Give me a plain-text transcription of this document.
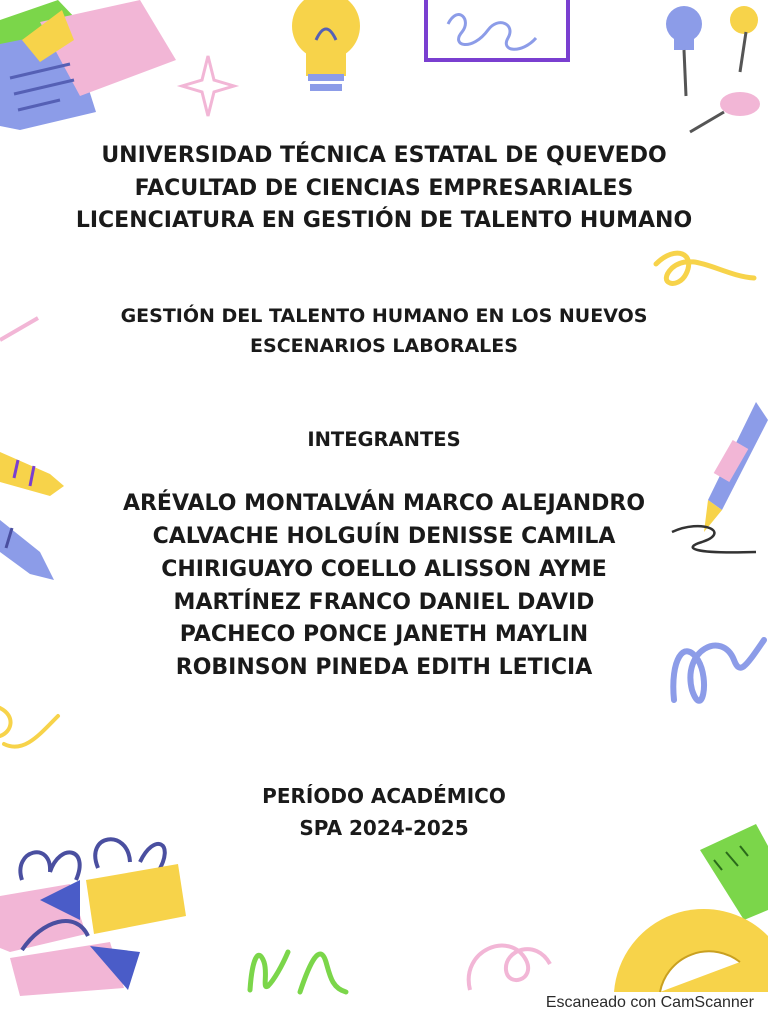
UNIVERSIDAD TÉCNICA ESTATAL DE QUEVEDO
FACULTAD DE CIENCIAS EMPRESARIALES
LICENCIATURA EN GESTIÓN DE TALENTO HUMANO
GESTIÓN DEL TALENTO HUMANO EN LOS NUEVOS
ESCENARIOS LABORALES
INTEGRANTES
ARÉVALO MONTALVÁN MARCO ALEJANDRO
CALVACHE HOLGUÍN DENISSE CAMILA
CHIRIGUAYO COELLO ALISSON AYME
MARTÍNEZ FRANCO DANIEL DAVID
PACHECO PONCE JANETH MAYLIN
ROBINSON PINEDA EDITH LETICIA
PERÍODO ACADÉMICO
SPA 2024-2025
Escaneado con CamScanner
